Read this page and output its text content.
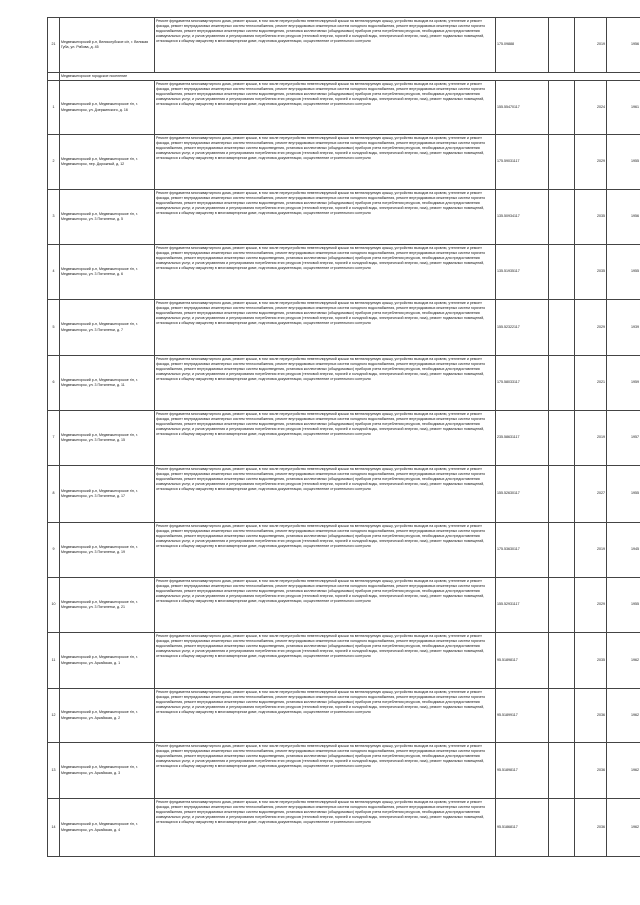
21	Медвежьегорский р-н, Великогубское с/п, г. Великая Губа, ул. Рябова, д. 45	Ремонт фундамента многоквартирного дома, ремонт крыши, в том числе переустройство невентилируемой крыши на вентилируемую крышу, устройство выходов на кровлю, утепление и ремонт фасада, ремонт внутридомовых инженерных систем теплоснабжения, ремонт внутридомовых инженерных систем холодного водоснабжения, ремонт внутридомовых инженерных систем горячего водоснабжения, ремонт внутридомовых инженерных систем водоотведения, установка коллективных (общедомовых) приборов учета потребления ресурсов, необходимых для предоставления коммунальных услуг, и узлов управления и регулирования потребления этих ресурсов (тепловой энергии, горячей и холодной воды, электрической энергии, газа), ремонт подвальных помещений, относящихся к общему имуществу в многоквартирном доме, подготовка документации, осуществление строительного контроля	175.09888		2019	1956
	Медвежьегорское городское поселение					
1	Медвежьегорский р-н, Медвежьегорское г/п, г. Медвежьегорск, ул. Дзержинского, д. 16	Ремонт фундамента многоквартирного дома, ремонт крыши, в том числе переустройство невентилируемой крыши на вентилируемую крышу, устройство выходов на кровлю, утепление и ремонт фасада, ремонт внутридомовых инженерных систем теплоснабжения, ремонт внутридомовых инженерных систем холодного водоснабжения, ремонт внутридомовых инженерных систем горячего водоснабжения, ремонт внутридомовых инженерных систем водоотведения, установка коллективных (общедомовых) приборов учета потребления ресурсов, необходимых для предоставления коммунальных услуг, и узлов управления и регулирования потребления этих ресурсов (тепловой энергии, горячей и холодной воды, электрической энергии, газа), ремонт подвальных помещений, относящихся к общему имуществу в многоквартирном доме, подготовка документации, осуществление строительного контроля	155.55470117		2024	1961
2	Медвежьегорский р-н, Медвежьегорское г/п, г. Медвежьегорск, пер. Дорожный, д. 12	Ремонт фундамента многоквартирного дома, ремонт крыши, в том числе переустройство невентилируемой крыши на вентилируемую крышу, устройство выходов на кровлю, утепление и ремонт фасада, ремонт внутридомовых инженерных систем теплоснабжения, ремонт внутридомовых инженерных систем холодного водоснабжения, ремонт внутридомовых инженерных систем горячего водоснабжения, ремонт внутридомовых инженерных систем водоотведения, установка коллективных (общедомовых) приборов учета потребления ресурсов, необходимых для предоставления коммунальных услуг, и узлов управления и регулирования потребления этих ресурсов (тепловой энергии, горячей и холодной воды, электрической энергии, газа), ремонт подвальных помещений, относящихся к общему имуществу в многоквартирном доме, подготовка документации, осуществление строительного контроля	175.59031117		2029	1955
3	Медвежьегорский р-н, Медвежьегорское г/п, г. Медвежьегорск, ул. 3 Пятилетки, д. 5	Ремонт фундамента многоквартирного дома, ремонт крыши, в том числе переустройство невентилируемой крыши на вентилируемую крышу, устройство выходов на кровлю, утепление и ремонт фасада, ремонт внутридомовых инженерных систем теплоснабжения, ремонт внутридомовых инженерных систем холодного водоснабжения, ремонт внутридомовых инженерных систем горячего водоснабжения, ремонт внутридомовых инженерных систем водоотведения, установка коллективных (общедомовых) приборов учета потребления ресурсов, необходимых для предоставления коммунальных услуг, и узлов управления и регулирования потребления этих ресурсов (тепловой энергии, горячей и холодной воды, электрической энергии, газа), ремонт подвальных помещений, относящихся к общему имуществу в многоквартирном доме, подготовка документации, осуществление строительного контроля	135.50934117		2035	1956
4	Медвежьегорский р-н, Медвежьегорское г/п, г. Медвежьегорск, ул. 3 Пятилетки, д. 6	Ремонт фундамента многоквартирного дома, ремонт крыши, в том числе переустройство невентилируемой крыши на вентилируемую крышу, устройство выходов на кровлю, утепление и ремонт фасада, ремонт внутридомовых инженерных систем теплоснабжения, ремонт внутридомовых инженерных систем холодного водоснабжения, ремонт внутридомовых инженерных систем горячего водоснабжения, ремонт внутридомовых инженерных систем водоотведения, установка коллективных (общедомовых) приборов учета потребления ресурсов, необходимых для предоставления коммунальных услуг, и узлов управления и регулирования потребления этих ресурсов (тепловой энергии, горячей и холодной воды, электрической энергии, газа), ремонт подвальных помещений, относящихся к общему имуществу в многоквартирном доме, подготовка документации, осуществление строительного контроля	135.51935117		2035	1955
5	Медвежьегорский р-н, Медвежьегорское г/п, г. Медвежьегорск, ул. 3 Пятилетки, д. 7	Ремонт фундамента многоквартирного дома, ремонт крыши, в том числе переустройство невентилируемой крыши на вентилируемую крышу, устройство выходов на кровлю, утепление и ремонт фасада, ремонт внутридомовых инженерных систем теплоснабжения, ремонт внутридомовых инженерных систем холодного водоснабжения, ремонт внутридомовых инженерных систем горячего водоснабжения, ремонт внутридомовых инженерных систем водоотведения, установка коллективных (общедомовых) приборов учета потребления ресурсов, необходимых для предоставления коммунальных услуг, и узлов управления и регулирования потребления этих ресурсов (тепловой энергии, горячей и холодной воды, электрической энергии, газа), ремонт подвальных помещений, относящихся к общему имуществу в многоквартирном доме, подготовка документации, осуществление строительного контроля	155.52322117		2029	1939
6	Медвежьегорский р-н, Медвежьегорское г/п, г. Медвежьегорск, ул. 3 Пятилетки, д. 11	Ремонт фундамента многоквартирного дома, ремонт крыши, в том числе переустройство невентилируемой крыши на вентилируемую крышу, устройство выходов на кровлю, утепление и ремонт фасада, ремонт внутридомовых инженерных систем теплоснабжения, ремонт внутридомовых инженерных систем холодного водоснабжения, ремонт внутридомовых инженерных систем горячего водоснабжения, ремонт внутридомовых инженерных систем водоотведения, установка коллективных (общедомовых) приборов учета потребления ресурсов, необходимых для предоставления коммунальных услуг, и узлов управления и регулирования потребления этих ресурсов (тепловой энергии, горячей и холодной воды, электрической энергии, газа), ремонт подвальных помещений, относящихся к общему имуществу в многоквартирном доме, подготовка документации, осуществление строительного контроля	175.58033117		2021	1959
7	Медвежьегорский р-н, Медвежьегорское г/п, г. Медвежьегорск, ул. 3 Пятилетки, д. 15	Ремонт фундамента многоквартирного дома, ремонт крыши, в том числе переустройство невентилируемой крыши на вентилируемую крышу, устройство выходов на кровлю, утепление и ремонт фасада, ремонт внутридомовых инженерных систем теплоснабжения, ремонт внутридомовых инженерных систем холодного водоснабжения, ремонт внутридомовых инженерных систем горячего водоснабжения, ремонт внутридомовых инженерных систем водоотведения, установка коллективных (общедомовых) приборов учета потребления ресурсов, необходимых для предоставления коммунальных услуг, и узлов управления и регулирования потребления этих ресурсов (тепловой энергии, горячей и холодной воды, электрической энергии, газа), ремонт подвальных помещений, относящихся к общему имуществу в многоквартирном доме, подготовка документации, осуществление строительного контроля	235.58631117		2019	1957
8	Медвежьегорский р-н, Медвежьегорское г/п, г. Медвежьегорск, ул. 3 Пятилетки, д. 17	Ремонт фундамента многоквартирного дома, ремонт крыши, в том числе переустройство невентилируемой крыши на вентилируемую крышу, устройство выходов на кровлю, утепление и ремонт фасада, ремонт внутридомовых инженерных систем теплоснабжения, ремонт внутридомовых инженерных систем холодного водоснабжения, ремонт внутридомовых инженерных систем горячего водоснабжения, ремонт внутридомовых инженерных систем водоотведения, установка коллективных (общедомовых) приборов учета потребления ресурсов, необходимых для предоставления коммунальных услуг, и узлов управления и регулирования потребления этих ресурсов (тепловой энергии, горячей и холодной воды, электрической энергии, газа), ремонт подвальных помещений, относящихся к общему имуществу в многоквартирном доме, подготовка документации, осуществление строительного контроля	155.52630117		2027	1955
9	Медвежьегорский р-н, Медвежьегорское г/п, г. Медвежьегорск, ул. 3 Пятилетки, д. 19	Ремонт фундамента многоквартирного дома, ремонт крыши, в том числе переустройство невентилируемой крыши на вентилируемую крышу, устройство выходов на кровлю, утепление и ремонт фасада, ремонт внутридомовых инженерных систем теплоснабжения, ремонт внутридомовых инженерных систем холодного водоснабжения, ремонт внутридомовых инженерных систем горячего водоснабжения, ремонт внутридомовых инженерных систем водоотведения, установка коллективных (общедомовых) приборов учета потребления ресурсов, необходимых для предоставления коммунальных услуг, и узлов управления и регулирования потребления этих ресурсов (тепловой энергии, горячей и холодной воды, электрической энергии, газа), ремонт подвальных помещений, относящихся к общему имуществу в многоквартирном доме, подготовка документации, осуществление строительного контроля	175.53630117		2019	1945
10	Медвежьегорский р-н, Медвежьегорское г/п, г. Медвежьегорск, ул. 3 Пятилетки, д. 21	Ремонт фундамента многоквартирного дома, ремонт крыши, в том числе переустройство невентилируемой крыши на вентилируемую крышу, устройство выходов на кровлю, утепление и ремонт фасада, ремонт внутридомовых инженерных систем теплоснабжения, ремонт внутридомовых инженерных систем холодного водоснабжения, ремонт внутридомовых инженерных систем горячего водоснабжения, ремонт внутридомовых инженерных систем водоотведения, установка коллективных (общедомовых) приборов учета потребления ресурсов, необходимых для предоставления коммунальных услуг, и узлов управления и регулирования потребления этих ресурсов (тепловой энергии, горячей и холодной воды, электрической энергии, газа), ремонт подвальных помещений, относящихся к общему имуществу в многоквартирном доме, подготовка документации, осуществление строительного контроля	155.52931117		2029	1955
11	Медвежьегорский р-н, Медвежьегорское г/п, г. Медвежьегорск, ул. Аркайская, д. 1	Ремонт фундамента многоквартирного дома, ремонт крыши, в том числе переустройство невентилируемой крыши на вентилируемую крышу, устройство выходов на кровлю, утепление и ремонт фасада, ремонт внутридомовых инженерных систем теплоснабжения, ремонт внутридомовых инженерных систем холодного водоснабжения, ремонт внутридомовых инженерных систем горячего водоснабжения, ремонт внутридомовых инженерных систем водоотведения, установка коллективных (общедомовых) приборов учета потребления ресурсов, необходимых для предоставления коммунальных услуг, и узлов управления и регулирования потребления этих ресурсов (тепловой энергии, горячей и холодной воды, электрической энергии, газа), ремонт подвальных помещений, относящихся к общему имуществу в многоквартирном доме, подготовка документации, осуществление строительного контроля	95.51898117		2035	1962
12	Медвежьегорский р-н, Медвежьегорское г/п, г. Медвежьегорск, ул. Аркайская, д. 2	Ремонт фундамента многоквартирного дома, ремонт крыши, в том числе переустройство невентилируемой крыши на вентилируемую крышу, устройство выходов на кровлю, утепление и ремонт фасада, ремонт внутридомовых инженерных систем теплоснабжения, ремонт внутридомовых инженерных систем холодного водоснабжения, ремонт внутридомовых инженерных систем горячего водоснабжения, ремонт внутридомовых инженерных систем водоотведения, установка коллективных (общедомовых) приборов учета потребления ресурсов, необходимых для предоставления коммунальных услуг, и узлов управления и регулирования потребления этих ресурсов (тепловой энергии, горячей и холодной воды, электрической энергии, газа), ремонт подвальных помещений, относящихся к общему имуществу в многоквартирном доме, подготовка документации, осуществление строительного контроля	95.51899117		2036	1962
13	Медвежьегорский р-н, Медвежьегорское г/п, г. Медвежьегорск, ул. Аркайская, д. 3	Ремонт фундамента многоквартирного дома, ремонт крыши, в том числе переустройство невентилируемой крыши на вентилируемую крышу, устройство выходов на кровлю, утепление и ремонт фасада, ремонт внутридомовых инженерных систем теплоснабжения, ремонт внутридомовых инженерных систем холодного водоснабжения, ремонт внутридомовых инженерных систем горячего водоснабжения, ремонт внутридомовых инженерных систем водоотведения, установка коллективных (общедомовых) приборов учета потребления ресурсов, необходимых для предоставления коммунальных услуг, и узлов управления и регулирования потребления этих ресурсов (тепловой энергии, горячей и холодной воды, электрической энергии, газа), ремонт подвальных помещений, относящихся к общему имуществу в многоквартирном доме, подготовка документации, осуществление строительного контроля	95.51898117		2036	1962
14	Медвежьегорский р-н, Медвежьегорское г/п, г. Медвежьегорск, ул. Аркайская, д. 4	Ремонт фундамента многоквартирного дома, ремонт крыши, в том числе переустройство невентилируемой крыши на вентилируемую крышу, устройство выходов на кровлю, утепление и ремонт фасада, ремонт внутридомовых инженерных систем теплоснабжения, ремонт внутридомовых инженерных систем холодного водоснабжения, ремонт внутридомовых инженерных систем горячего водоснабжения, ремонт внутридомовых инженерных систем водоотведения, установка коллективных (общедомовых) приборов учета потребления ресурсов, необходимых для предоставления коммунальных услуг, и узлов управления и регулирования потребления этих ресурсов (тепловой энергии, горячей и холодной воды, электрической энергии, газа), ремонт подвальных помещений, относящихся к общему имуществу в многоквартирном доме, подготовка документации, осуществление строительного контроля	95.51868117		2036	1962
